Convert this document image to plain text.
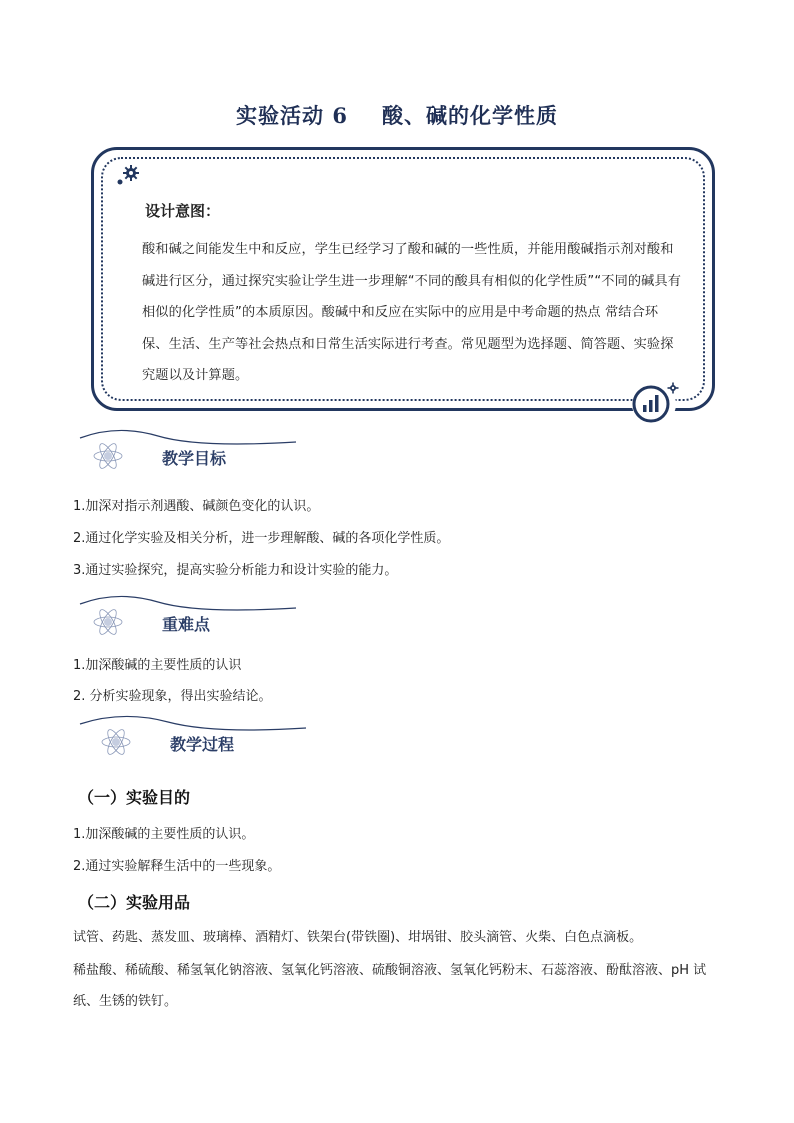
实验活动 6 酸、碱的化学性质
设计意图：
酸和碱之间能发生中和反应，学生已经学习了酸和碱的一些性质，并能用酸碱指示剂对酸和碱进行区分，通过探究实验让学生进一步理解“不同的酸具有相似的化学性质”“不同的碱具有相似的化学性质”的本质原因。酸碱中和反应在实际中的应用是中考命题的热点 常结合环保、生活、生产等社会热点和日常生活实际进行考查。常见题型为选择题、简答题、实验探究题以及计算题。
教学目标
1.加深对指示剂遇酸、碱颜色变化的认识。
2.通过化学实验及相关分析，进一步理解酸、碱的各项化学性质。
3.通过实验探究，提高实验分析能力和设计实验的能力。
重难点
1.加深酸碱的主要性质的认识
2. 分析实验现象，得出实验结论。
教学过程
（一）实验目的
1.加深酸碱的主要性质的认识。
2.通过实验解释生活中的一些现象。
（二）实验用品
试管、药匙、蒸发皿、玻璃棒、酒精灯、铁架台(带铁圈)、坩埚钳、胶头滴管、火柴、白色点滴板。
稀盐酸、稀硫酸、稀氢氧化钠溶液、氢氧化钙溶液、硫酸铜溶液、氢氧化钙粉末、石蕊溶液、酚酞溶液、pH 试纸、生锈的铁钉。
